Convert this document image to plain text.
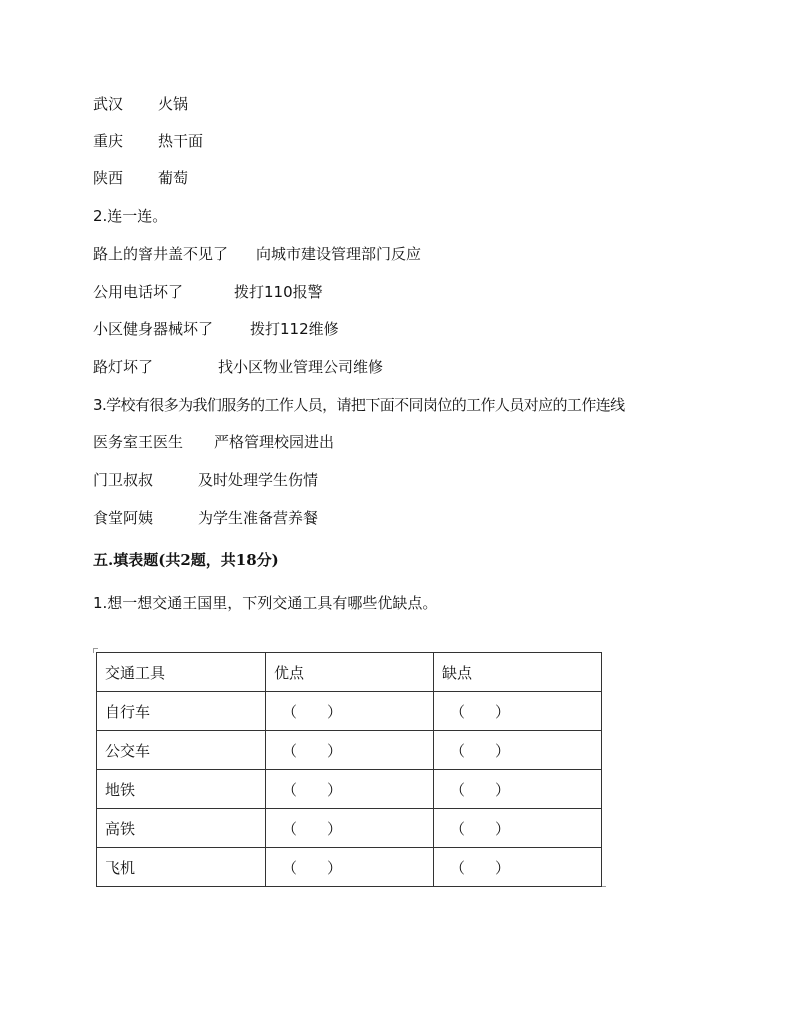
武汉 火锅
重庆 热干面
陕西 葡萄
2.连一连。
路上的窨井盖不见了 向城市建设管理部门反应
公用电话坏了	拨打110报警
小区健身器械坏了 拨打112维修
路灯坏了	找小区物业管理公司维修
3.学校有很多为我们服务的工作人员，请把下面不同岗位的工作人员对应的工作连线
医务室王医生 严格管理校园进出
门卫叔叔	及时处理学生伤情
食堂阿姨	为学生准备营养餐
五.填表题(共2题，共18分)
1.想一想交通王国里，下列交通工具有哪些优缺点。
交通工具	优点	缺点
自行车	（　　）	（　　）
公交车	（　　）	（　　）
地铁	（　　）	（　　）
高铁	（　　）	（　　）
飞机	（　　）	（　　）
